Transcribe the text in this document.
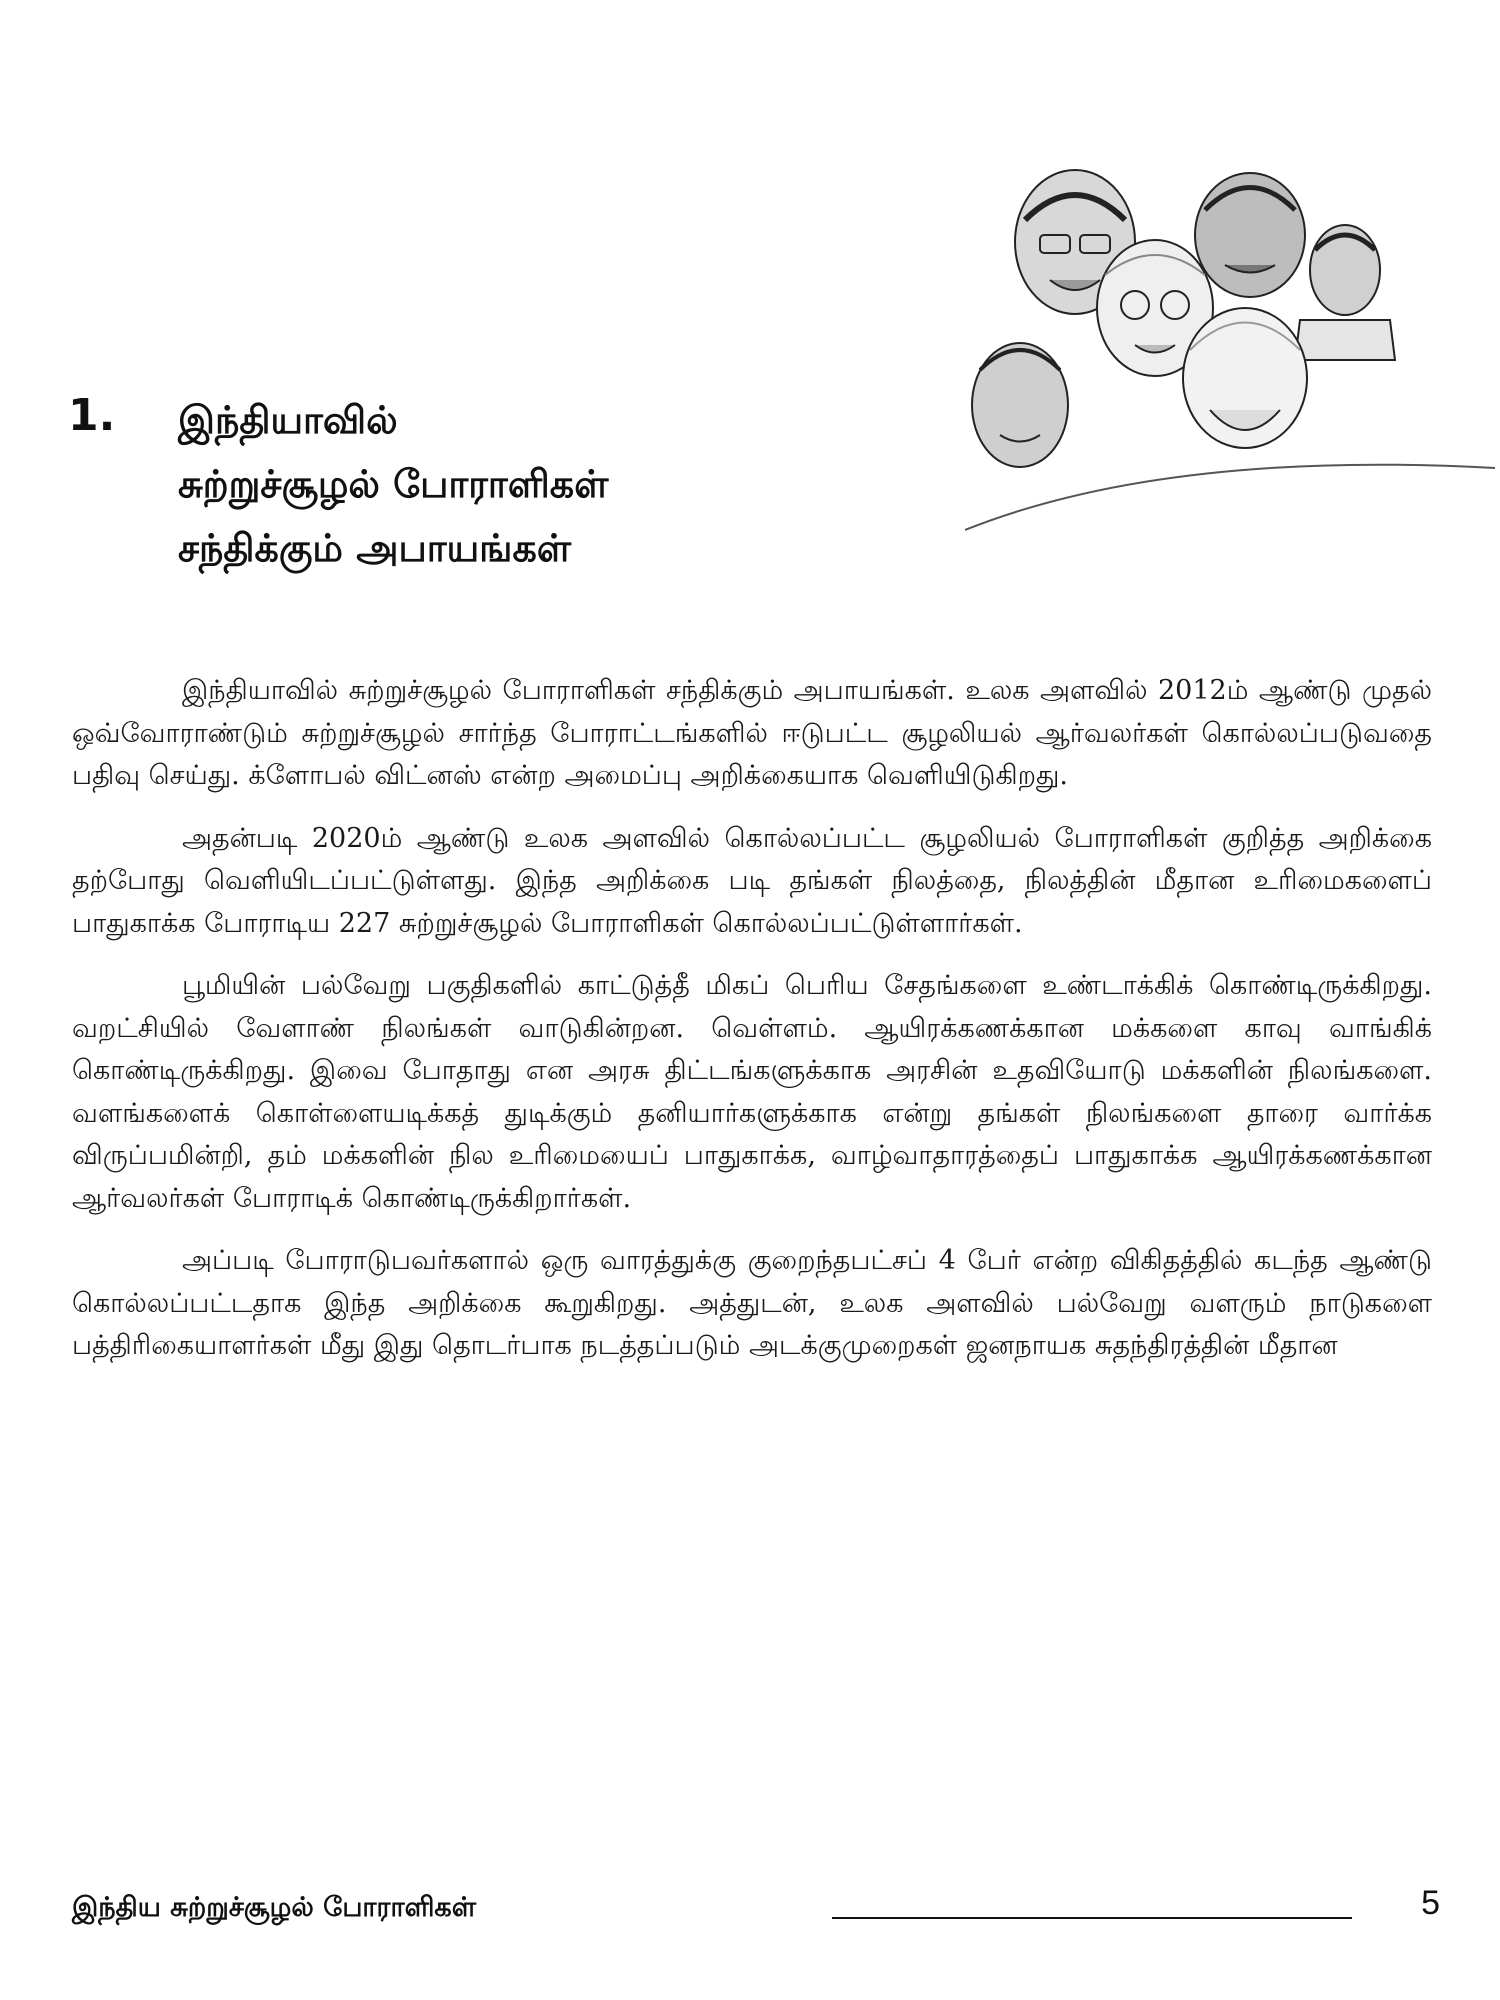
1. இந்தியாவில்
சுற்றுச்சூழல் போராளிகள்
சந்திக்கும் அபாயங்கள்

இந்தியாவில் சுற்றுச்சூழல் போராளிகள் சந்திக்கும் அபாயங்கள். உலக அளவில் 2012ம் ஆண்டு முதல் ஒவ்வோராண்டும் சுற்றுச்சூழல் சார்ந்த போராட்டங்களில் ஈடுபட்ட சூழலியல் ஆர்வலர்கள் கொல்லப்படுவதை பதிவு செய்து. க்ளோபல் விட்னஸ் என்ற அமைப்பு அறிக்கையாக வெளியிடுகிறது.

அதன்படி 2020ம் ஆண்டு உலக அளவில் கொல்லப்பட்ட சூழலியல் போராளிகள் குறித்த அறிக்கை தற்போது வெளியிடப்பட்டுள்ளது. இந்த அறிக்கை படி தங்கள் நிலத்தை, நிலத்தின் மீதான உரிமைகளைப் பாதுகாக்க போராடிய 227 சுற்றுச்சூழல் போராளிகள் கொல்லப்பட்டுள்ளார்கள்.

பூமியின் பல்வேறு பகுதிகளில் காட்டுத்தீ மிகப் பெரிய சேதங்களை உண்டாக்கிக் கொண்டிருக்கிறது. வறட்சியில் வேளாண் நிலங்கள் வாடுகின்றன. வெள்ளம். ஆயிரக்கணக்கான மக்களை காவு வாங்கிக் கொண்டிருக்கிறது. இவை போதாது என அரசு திட்டங்களுக்காக அரசின் உதவியோடு மக்களின் நிலங்களை. வளங்களைக் கொள்ளையடிக்கத் துடிக்கும் தனியார்களுக்காக என்று தங்கள் நிலங்களை தாரை வார்க்க விருப்பமின்றி, தம் மக்களின் நில உரிமையைப் பாதுகாக்க, வாழ்வாதாரத்தைப் பாதுகாக்க ஆயிரக்கணக்கான ஆர்வலர்கள் போராடிக் கொண்டிருக்கிறார்கள்.

அப்படி போராடுபவர்களால் ஒரு வாரத்துக்கு குறைந்தபட்சப் 4 பேர் என்ற விகிதத்தில் கடந்த ஆண்டு கொல்லப்பட்டதாக இந்த அறிக்கை கூறுகிறது. அத்துடன், உலக அளவில் பல்வேறு வளரும் நாடுகளை பத்திரிகையாளர்கள் மீது இது தொடர்பாக நடத்தப்படும் அடக்குமுறைகள் ஜனநாயக சுதந்திரத்தின் மீதான

இந்திய சுற்றுச்சூழல் போராளிகள்	5
